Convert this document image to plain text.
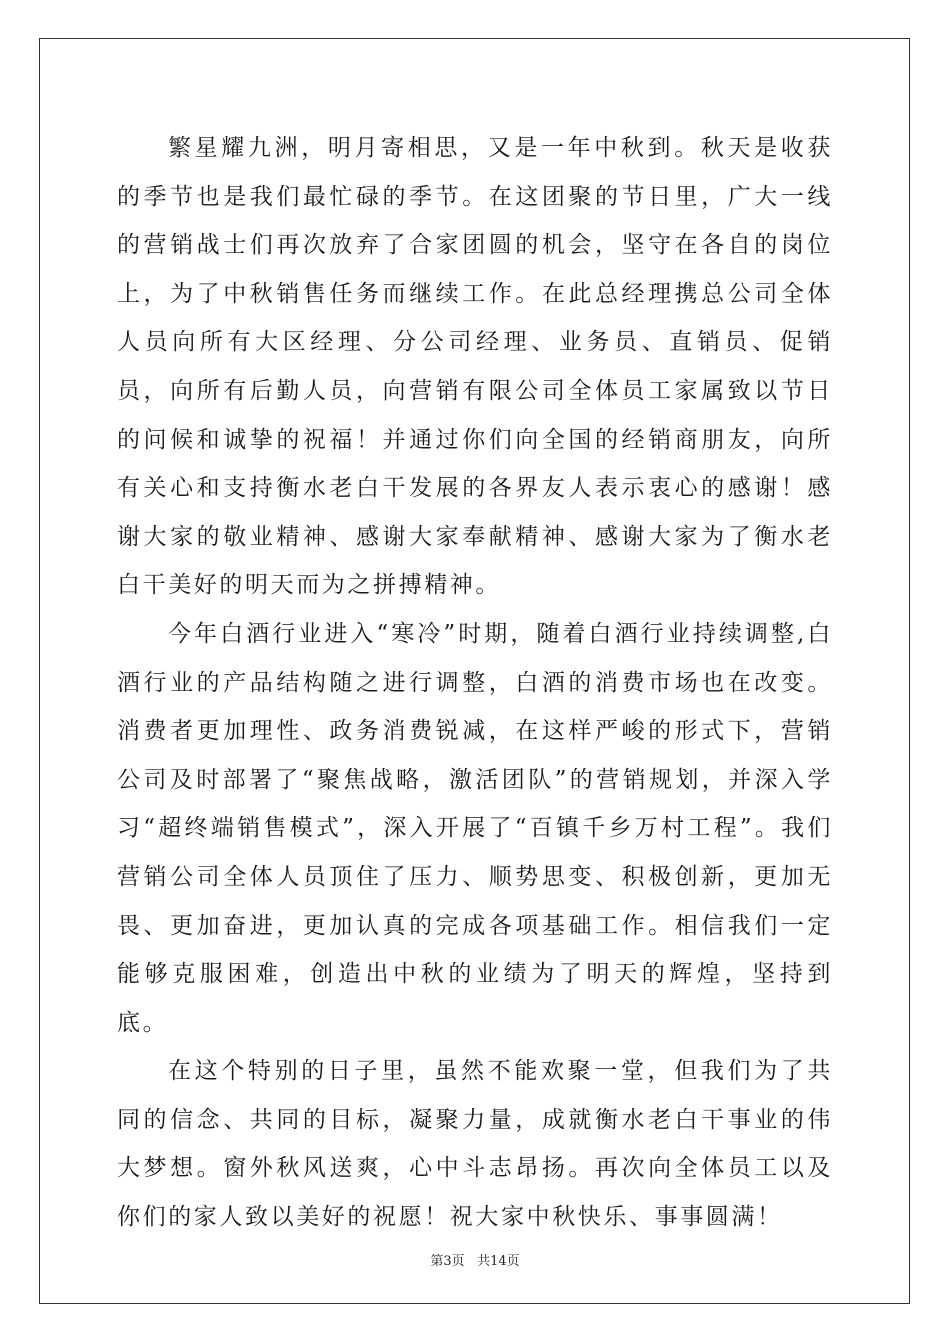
繁星耀九洲，明月寄相思，又是一年中秋到。秋天是收获的季节也是我们最忙碌的季节。在这团聚的节日里，广大一线的营销战士们再次放弃了合家团圆的机会，坚守在各自的岗位上，为了中秋销售任务而继续工作。在此总经理携总公司全体人员向所有大区经理、分公司经理、业务员、直销员、促销员，向所有后勤人员，向营销有限公司全体员工家属致以节日的问候和诚挚的祝福！并通过你们向全国的经销商朋友，向所有关心和支持衡水老白干发展的各界友人表示衷心的感谢！感谢大家的敬业精神、感谢大家奉献精神、感谢大家为了衡水老白干美好的明天而为之拼搏精神。

今年白酒行业进入“寒冷”时期，随着白酒行业持续调整,白酒行业的产品结构随之进行调整，白酒的消费市场也在改变。消费者更加理性、政务消费锐减，在这样严峻的形式下，营销公司及时部署了“聚焦战略，激活团队”的营销规划，并深入学习“超终端销售模式”，深入开展了“百镇千乡万村工程”。我们营销公司全体人员顶住了压力、顺势思变、积极创新，更加无畏、更加奋进，更加认真的完成各项基础工作。相信我们一定能够克服困难，创造出中秋的业绩为了明天的辉煌，坚持到底。

在这个特别的日子里，虽然不能欢聚一堂，但我们为了共同的信念、共同的目标，凝聚力量，成就衡水老白干事业的伟大梦想。窗外秋风送爽，心中斗志昂扬。再次向全体员工以及你们的家人致以美好的祝愿！祝大家中秋快乐、事事圆满！

第3页 共14页
